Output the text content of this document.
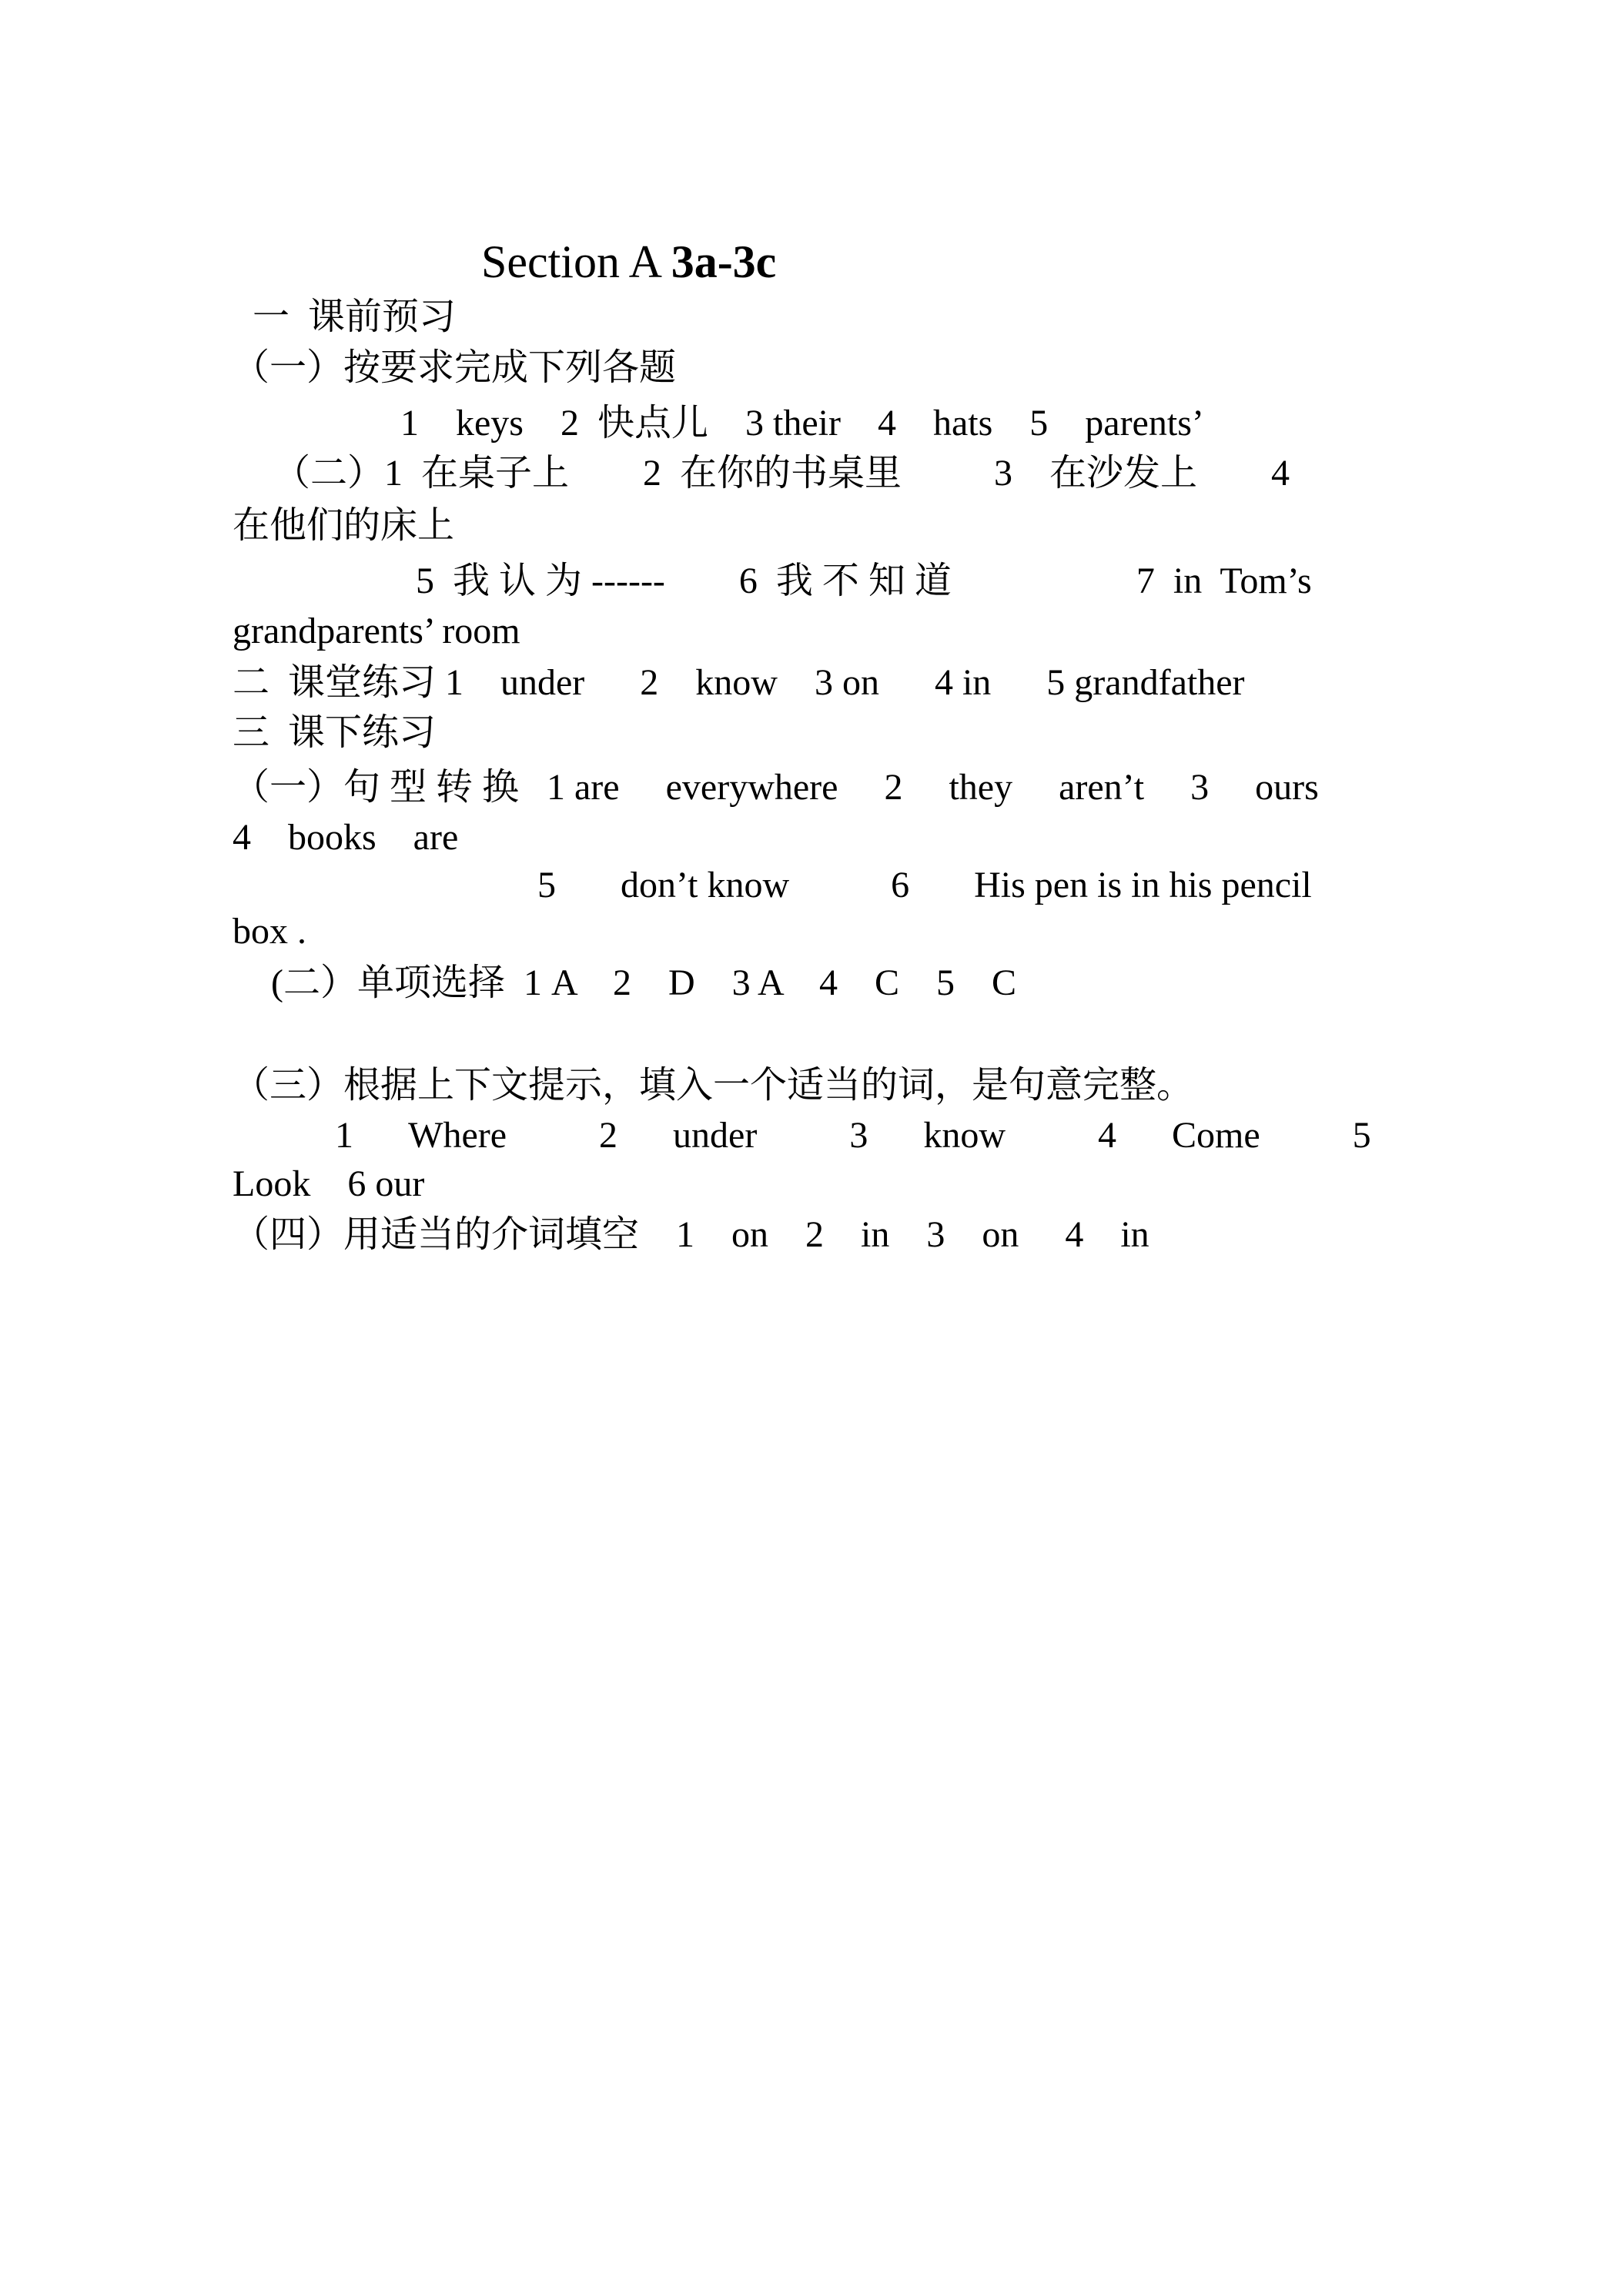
Section A 3a-3c
一  课前预习
（一）按要求完成下列各题
1    keys    2  快点儿    3 their    4    hats    5    parents’
（二）1  在桌子上        2  在你的书桌里          3    在沙发上        4
在他们的床上
5  我 认 为 ------        6  我 不 知 道                    7  in  Tom’s
grandparents’ room
二  课堂练习 1    under      2    know    3 on      4 in      5 grandfather
三  课下练习
（一）句 型 转 换   1 are     everywhere     2     they     aren’t     3     ours
4    books    are
5       don’t know           6       His pen is in his pencil
box .
(二）单项选择  1 A    2    D    3 A    4    C    5    C
（三）根据上下文提示，填入一个适当的词，是句意完整。
1      Where          2      under          3      know          4      Come          5
Look    6 our
（四）用适当的介词填空    1    on    2    in    3    on     4    in
